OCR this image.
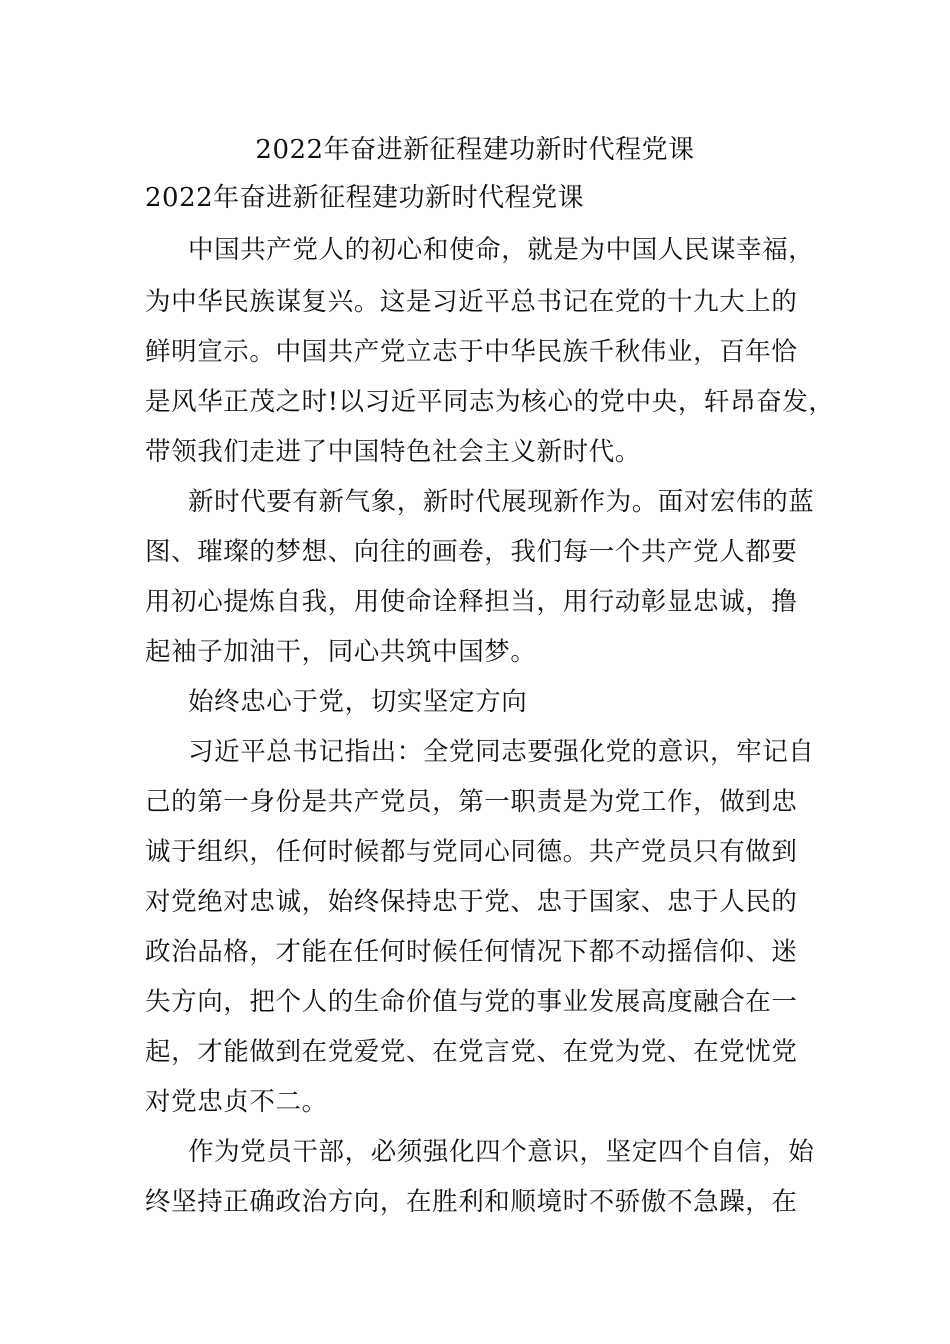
2022年奋进新征程建功新时代程党课
2022年奋进新征程建功新时代程党课
中国共产党人的初心和使命，就是为中国人民谋幸福，
为中华民族谋复兴。这是习近平总书记在党的十九大上的
鲜明宣示。中国共产党立志于中华民族千秋伟业，百年恰
是风华正茂之时!以习近平同志为核心的党中央，轩昂奋发，
带领我们走进了中国特色社会主义新时代。
新时代要有新气象，新时代展现新作为。面对宏伟的蓝
图、璀璨的梦想、向往的画卷，我们每一个共产党人都要
用初心提炼自我，用使命诠释担当，用行动彰显忠诚，撸
起袖子加油干，同心共筑中国梦。
始终忠心于党，切实坚定方向
习近平总书记指出：全党同志要强化党的意识，牢记自
己的第一身份是共产党员，第一职责是为党工作，做到忠
诚于组织，任何时候都与党同心同德。共产党员只有做到
对党绝对忠诚，始终保持忠于党、忠于国家、忠于人民的
政治品格，才能在任何时候任何情况下都不动摇信仰、迷
失方向，把个人的生命价值与党的事业发展高度融合在一
起，才能做到在党爱党、在党言党、在党为党、在党忧党
对党忠贞不二。
作为党员干部，必须强化四个意识，坚定四个自信，始
终坚持正确政治方向，在胜利和顺境时不骄傲不急躁，在
